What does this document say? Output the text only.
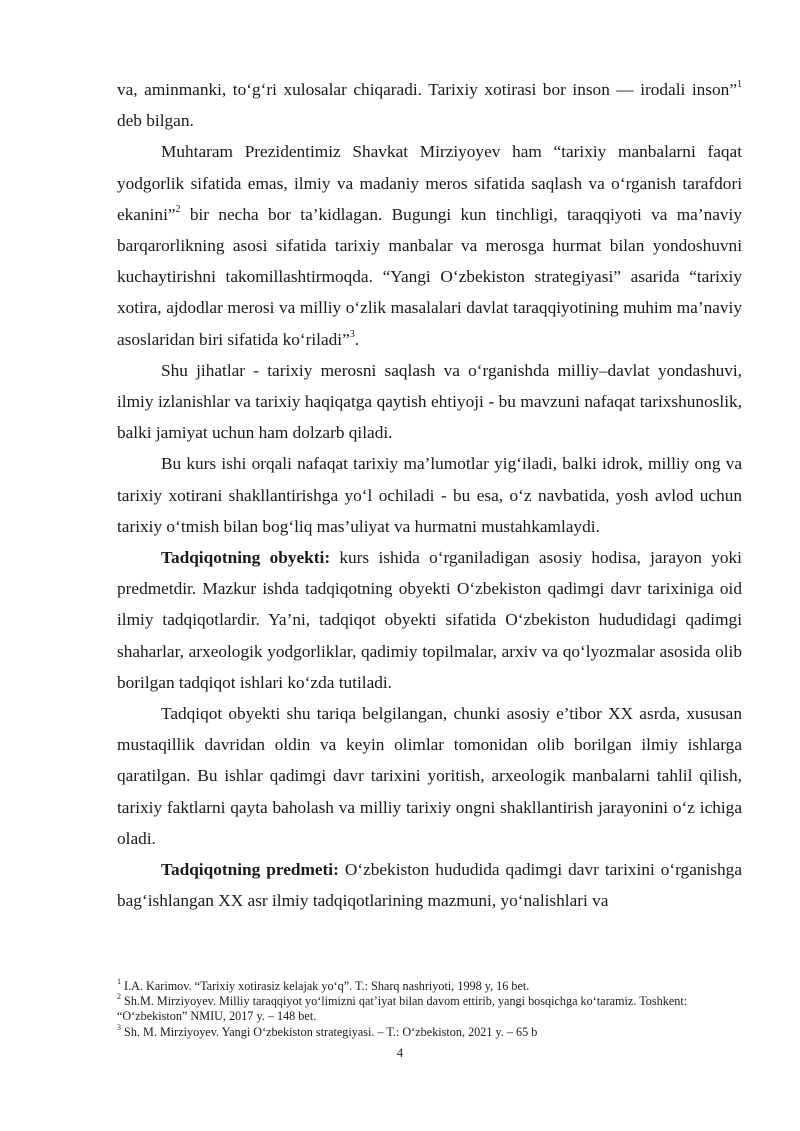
va, aminmanki, to‘g‘ri xulosalar chiqaradi. Tarixiy xotirasi bor inson — irodali inson”$^1$ deb bilgan.

Muhtaram Prezidentimiz Shavkat Mirziyoyev ham “tarixiy manbalarni faqat yodgorlik sifatida emas, ilmiy va madaniy meros sifatida saqlash va o‘rganish tarafdori ekanini”$^2$ bir necha bor ta’kidlagan. Bugungi kun tinchligi, taraqqiyoti va ma’naviy barqarorlikning asosi sifatida tarixiy manbalar va merosga hurmat bilan yondoshuvni kuchaytirishni takomillashtirmoqda. “Yangi O‘zbekiston strategiyasi” asarida “tarixiy xotira, ajdodlar merosi va milliy o‘zlik masalalari davlat taraqqiyotining muhim ma’naviy asoslaridan biri sifatida ko‘riladi”$^3$.

Shu jihatlar - tarixiy merosni saqlash va o‘rganishda milliy–davlat yondashuvi, ilmiy izlanishlar va tarixiy haqiqatga qaytish ehtiyoji - bu mavzuni nafaqat tarixshunoslik, balki jamiyat uchun ham dolzarb qiladi.

Bu kurs ishi orqali nafaqat tarixiy ma’lumotlar yig‘iladi, balki idrok, milliy ong va tarixiy xotirani shakllantirishga yo‘l ochiladi - bu esa, o‘z navbatida, yosh avlod uchun tarixiy o‘tmish bilan bog‘liq mas’uliyat va hurmatni mustahkamlaydi.

Tadqiqotning obyekti: kurs ishida o‘rganiladigan asosiy hodisa, jarayon yoki predmetdir. Mazkur ishda tadqiqotning obyekti O‘zbekiston qadimgi davr tarixiniga oid ilmiy tadqiqotlardir. Ya’ni, tadqiqot obyekti sifatida O‘zbekiston hududidagi qadimgi shaharlar, arxeologik yodgorliklar, qadimiy topilmalar, arxiv va qo‘lyozmalar asosida olib borilgan tadqiqot ishlari ko‘zda tutiladi.

Tadqiqot obyekti shu tariqa belgilangan, chunki asosiy e’tibor XX asrda, xususan mustaqillik davridan oldin va keyin olimlar tomonidan olib borilgan ilmiy ishlarga qaratilgan. Bu ishlar qadimgi davr tarixini yoritish, arxeologik manbalarni tahlil qilish, tarixiy faktlarni qayta baholash va milliy tarixiy ongni shakllantirish jarayonini o‘z ichiga oladi.

Tadqiqotning predmeti: O‘zbekiston hududida qadimgi davr tarixini o‘rganishga bag‘ishlangan XX asr ilmiy tadqiqotlarining mazmuni, yo‘nalishlari va

$^1$ I.A. Karimov. “Tarixiy xotirasiz kelajak yo‘q”. T.: Sharq nashriyoti, 1998 y, 16 bet.

$^2$ Sh.M. Mirziyoyev. Milliy taraqqiyot yo‘limizni qat’iyat bilan davom ettirib, yangi bosqichga ko‘taramiz. Toshkent: “O‘zbekiston” NMIU, 2017 y. – 148 bet.

$^3$ Sh. M. Mirziyoyev. Yangi O‘zbekiston strategiyasi. – T.: O‘zbekiston, 2021 y. – 65 b

4
